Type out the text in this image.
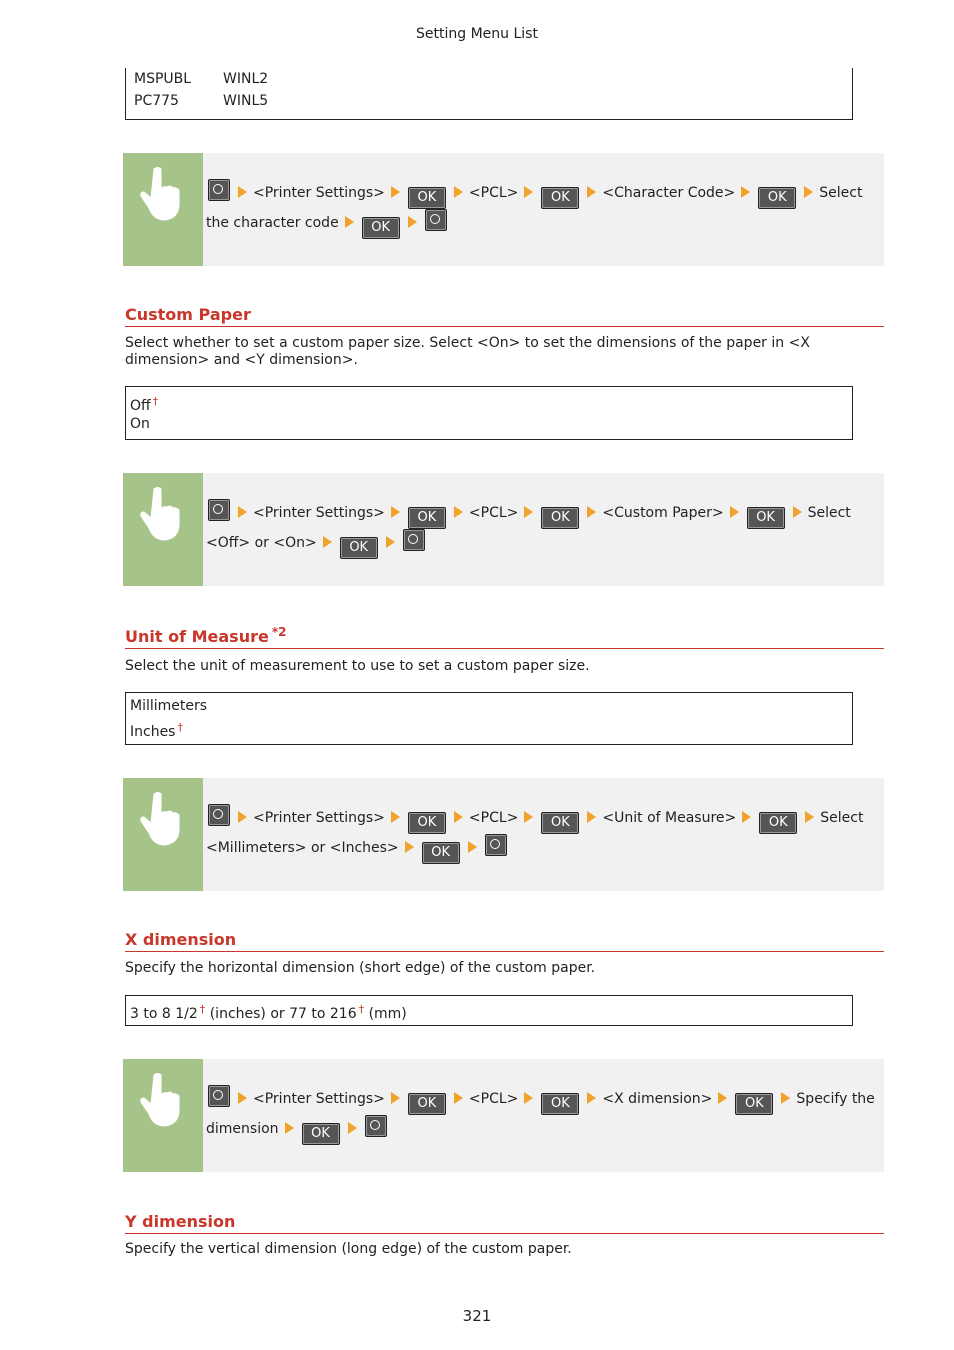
Setting Menu List
MSPUBL WINL2
PC775	WINL5
<Printer Settings>	OK <PCL>	OK <Character Code>	OK Select the character code	OK
Custom Paper
Select whether to set a custom paper size. Select <On> to set the dimensions of the paper in <X dimension> and <Y dimension>.
Off †
On
<Printer Settings>	OK <PCL>	OK <Custom Paper>	OK Select <Off> or <On>	OK
Unit of Measure $^{*2}$
Select the unit of measurement to use to set a custom paper size.
Millimeters
Inches †
<Printer Settings>	OK <PCL>	OK <Unit of Measure>	OK Select <Millimeters> or <Inches>	OK
X dimension
Specify the horizontal dimension (short edge) of the custom paper.
3 to 8 1/2 † (inches) or 77 to 216 † (mm)
<Printer Settings>	OK <PCL>	OK <X dimension>	OK Specify the dimension	OK
Y dimension
Specify the vertical dimension (long edge) of the custom paper.
321
